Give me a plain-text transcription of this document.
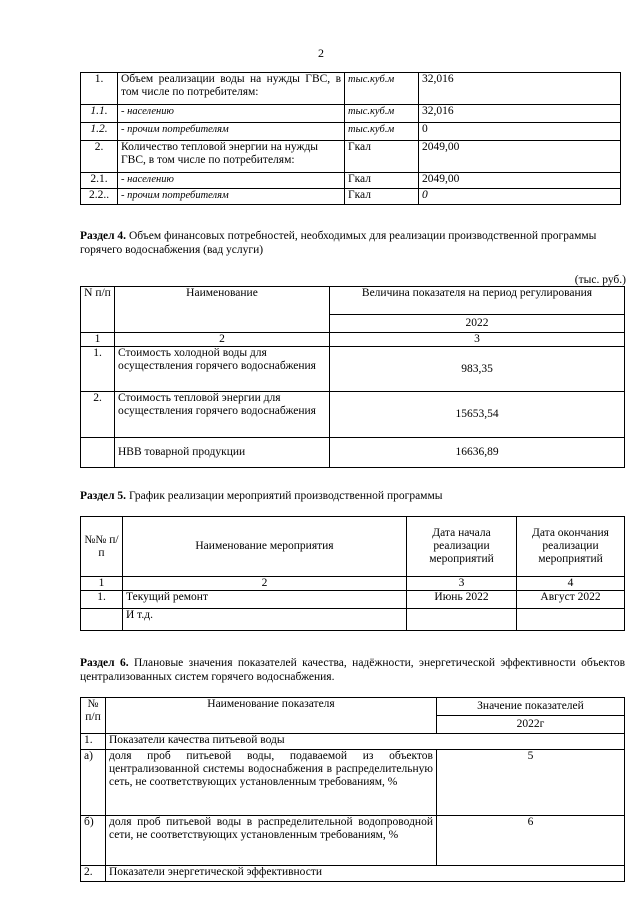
2
1.	Объем реализации воды на нужды ГВС, в том числе по потребителям:	тыс.куб.м	32,016
1.1.	- населению	тыс.куб.м	32,016
1.2.	- прочим потребителям	тыс.куб.м	0
2.	Количество тепловой энергии на нужды ГВС, в том числе по потребителям:	Гкал	2049,00
2.1.	- населению	Гкал	2049,00
2.2..	- прочим потребителям	Гкал	0
Раздел 4. Объем финансовых потребностей, необходимых для реализации производственной программы горячего водоснабжения (вад услуги)
(тыс. руб.)
N п/п	Наименование	Величина показателя на период регулирования
		2022
1	2	3
1.	Стоимость холодной воды для осуществления горячего водоснабжения	983,35
2.	Стоимость тепловой энергии для осуществления горячего водоснабжения	15653,54
	НВВ товарной продукции	16636,89
Раздел 5. График реализации мероприятий производственной программы
№№ п/п	Наименование мероприятия	Дата начала реализации мероприятий	Дата окончания реализации мероприятий
1	2	3	4
1.	Текущий ремонт	Июнь 2022	Август 2022
	И т.д.		
Раздел 6. Плановые значения показателей качества, надёжности, энергетической эффективности объектов централизованных систем горячего водоснабжения.
№ п/п	Наименование показателя	Значение показателей
		2022г
1.	Показатели качества питьевой воды	
а)	доля проб питьевой воды, подаваемой из объектов централизованной системы водоснабжения в распределительную сеть, не соответствующих установленным требованиям, %	5
б)	доля проб питьевой воды в распределительной водопроводной сети, не соответствующих установленным требованиям, %	6
2.	Показатели энергетической эффективности	
